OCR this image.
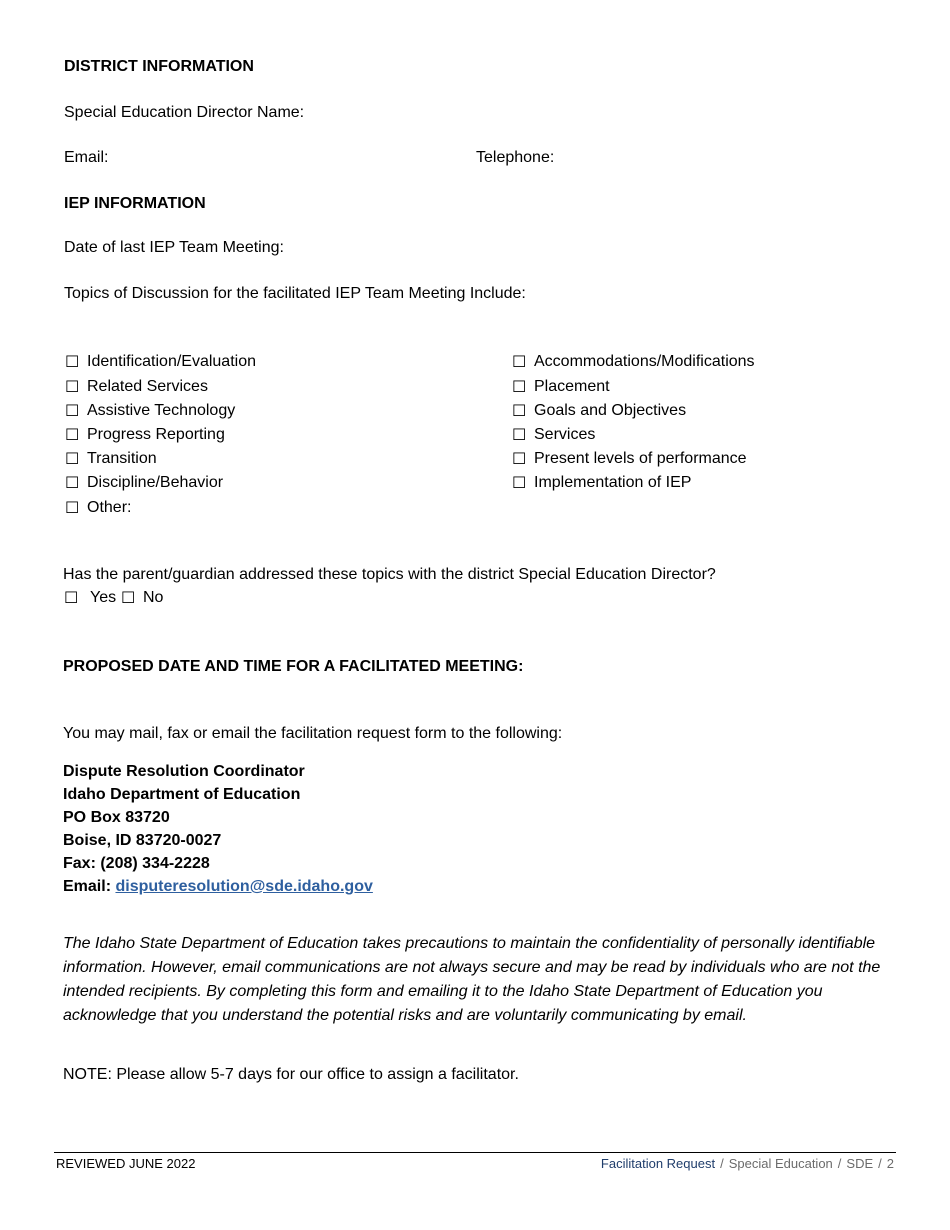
DISTRICT INFORMATION
Special Education Director Name:
Email:	Telephone:
IEP INFORMATION
Date of last IEP Team Meeting:
Topics of Discussion for the facilitated IEP Team Meeting Include:
☐ Identification/Evaluation
☐ Related Services
☐ Assistive Technology
☐ Progress Reporting
☐ Transition
☐ Discipline/Behavior
☐ Other:
☐ Accommodations/Modifications
☐ Placement
☐ Goals and Objectives
☐ Services
☐ Present levels of performance
☐ Implementation of IEP
Has the parent/guardian addressed these topics with the district Special Education Director?
☐ Yes ☐ No
PROPOSED DATE AND TIME FOR A FACILITATED MEETING:
You may mail, fax or email the facilitation request form to the following:
Dispute Resolution Coordinator
Idaho Department of Education
PO Box 83720
Boise, ID 83720-0027
Fax: (208) 334-2228
Email: disputeresolution@sde.idaho.gov
The Idaho State Department of Education takes precautions to maintain the confidentiality of personally identifiable information. However, email communications are not always secure and may be read by individuals who are not the intended recipients. By completing this form and emailing it to the Idaho State Department of Education you acknowledge that you understand the potential risks and are voluntarily communicating by email.
NOTE: Please allow 5-7 days for our office to assign a facilitator.
REVIEWED JUNE 2022	Facilitation Request / Special Education / SDE / 2
